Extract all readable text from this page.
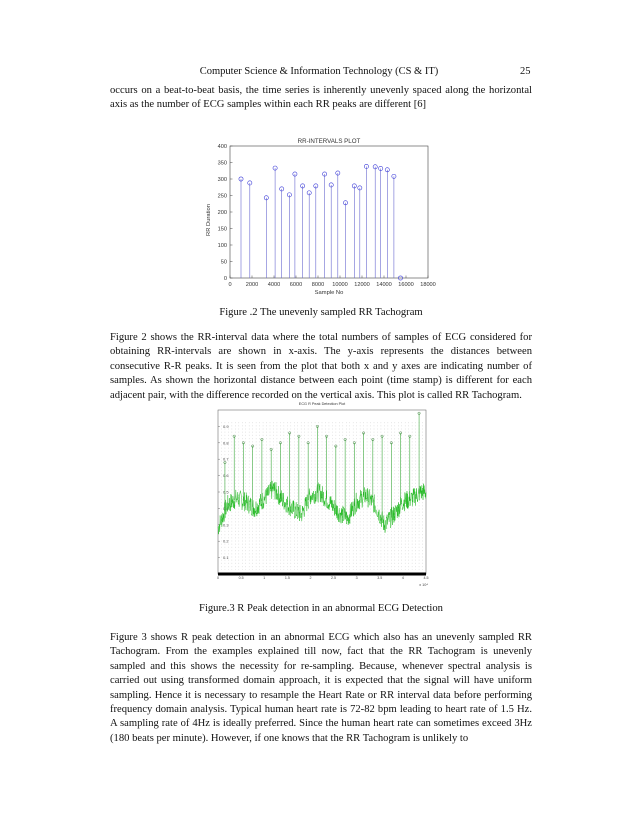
Computer Science & Information Technology (CS & IT)	25

occurs on a beat-to-beat basis, the time series is inherently unevenly spaced along the horizontal axis as the number of ECG samples within each RR peaks are different [6]

RR-INTERVALS PLOT
0	2000 4000 6000 8000 10000 12000 14000 16000 18000
0
50
100
150
200
250
300
350
400
Sample No
RR Duration

Figure .2 The unevenly sampled RR Tachogram

Figure 2 shows the RR-interval data where the total numbers of samples of ECG considered for obtaining RR-intervals are shown in x-axis. The y-axis represents the distances between consecutive R-R peaks. It is seen from the plot that both x and y axes are indicating number of samples. As shown the horizontal distance between each point (time stamp) is different for each adjacent pair, with the difference recorded on the vertical axis. This plot is called RR Tachogram.

ECG R Peak Detection Plot
0.1
0.2
0.3
0.4
0.5
0.6
0.7
0.8
0.9
0	0.5	1	1.5	2	2.5	3	3.5	4	4.5
x 10⁴

Figure.3 R Peak detection in an abnormal ECG Detection

Figure 3 shows R peak detection in an abnormal ECG which also has an unevenly sampled RR Tachogram. From the examples explained till now, fact that the RR Tachogram is unevenly sampled and this shows the necessity for re-sampling. Because, whenever spectral analysis is carried out using transformed domain approach, it is expected that the signal will have uniform sampling. Hence it is necessary to resample the Heart Rate or RR interval data before performing frequency domain analysis. Typical human heart rate is 72-82 bpm leading to heart rate of 1.5 Hz. A sampling rate of 4Hz is ideally preferred. Since the human heart rate can sometimes exceed 3Hz (180 beats per minute). However, if one knows that the RR Tachogram is unlikely to
